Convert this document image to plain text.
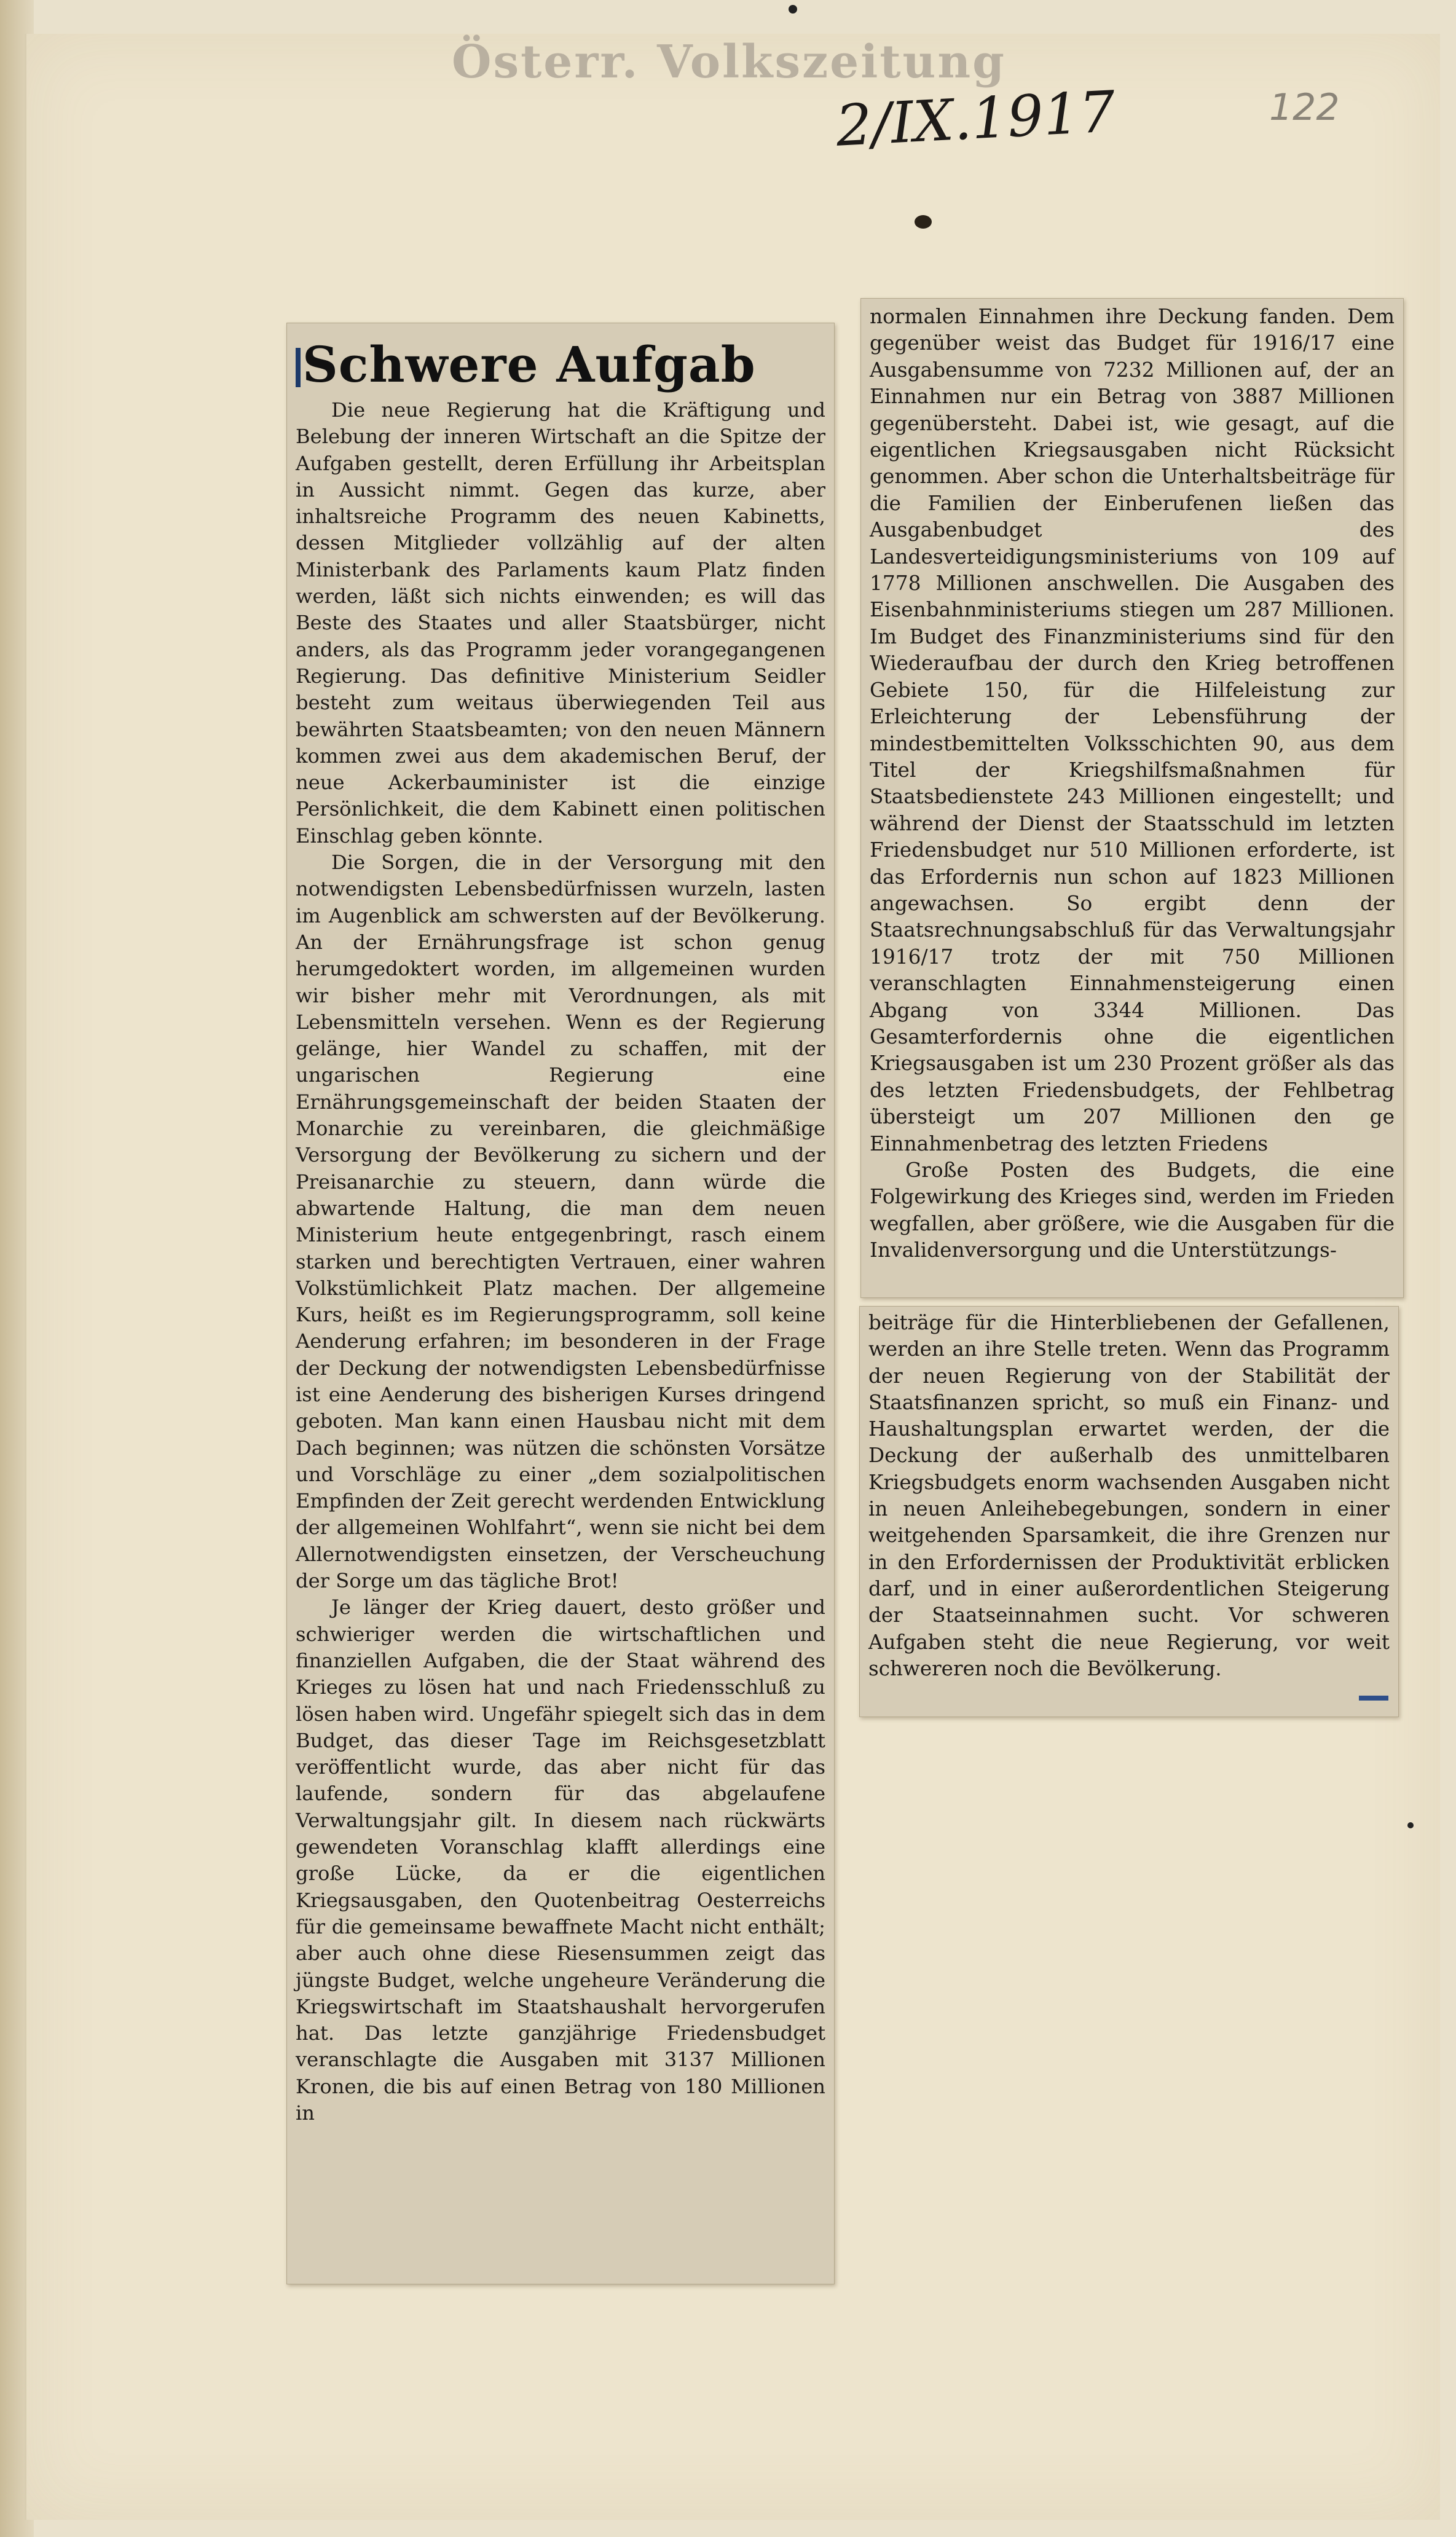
Österr. Volkszeitung
2/IX.1917	122
Schwere Aufgab

Die neue Regierung hat die Kräftigung und Belebung der inneren Wirtschaft an die Spitze der Aufgaben gestellt, deren Erfüllung ihr Arbeitsplan in Aussicht nimmt. Gegen das kurze, aber inhaltsreiche Programm des neuen Kabinetts, dessen Mitglieder vollzählig auf der alten Ministerbank des Parlaments kaum Platz finden werden, läßt sich nichts einwenden; es will das Beste des Staates und aller Staatsbürger, nicht anders, als das Programm jeder vorangegangenen Regierung. Das definitive Ministerium Seidler besteht zum weitaus überwiegenden Teil aus bewährten Staatsbeamten; von den neuen Männern kommen zwei aus dem akademischen Beruf, der neue Ackerbauminister ist die einzige Persönlichkeit, die dem Kabinett einen politischen Einschlag geben könnte.

Die Sorgen, die in der Versorgung mit den notwendigsten Lebensbedürfnissen wurzeln, lasten im Augenblick am schwersten auf der Bevölkerung. An der Ernährungsfrage ist schon genug herumgedoktert worden, im allgemeinen wurden wir bisher mehr mit Verordnungen, als mit Lebensmitteln versehen. Wenn es der Regierung gelänge, hier Wandel zu schaffen, mit der ungarischen Regierung eine Ernährungsgemeinschaft der beiden Staaten der Monarchie zu vereinbaren, die gleichmäßige Versorgung der Bevölkerung zu sichern und der Preisanarchie zu steuern, dann würde die abwartende Haltung, die man dem neuen Ministerium heute entgegenbringt, rasch einem starken und berechtigten Vertrauen, einer wahren Volkstümlichkeit Platz machen. Der allgemeine Kurs, heißt es im Regierungsprogramm, soll keine Aenderung erfahren; im besonderen in der Frage der Deckung der notwendigsten Lebensbedürfnisse ist eine Aenderung des bisherigen Kurses dringend geboten. Man kann einen Hausbau nicht mit dem Dach beginnen; was nützen die schönsten Vorsätze und Vorschläge zu einer „dem sozialpolitischen Empfinden der Zeit gerecht werdenden Entwicklung der allgemeinen Wohlfahrt“, wenn sie nicht bei dem Allernotwendigsten einsetzen, der Verscheuchung der Sorge um das tägliche Brot!

Je länger der Krieg dauert, desto größer und schwieriger werden die wirtschaftlichen und finanziellen Aufgaben, die der Staat während des Krieges zu lösen hat und nach Friedensschluß zu lösen haben wird. Ungefähr spiegelt sich das in dem Budget, das dieser Tage im Reichsgesetzblatt veröffentlicht wurde, das aber nicht für das laufende, sondern für das abgelaufene Verwaltungsjahr gilt. In diesem nach rückwärts gewendeten Voranschlag klafft allerdings eine große Lücke, da er die eigentlichen Kriegsausgaben, den Quotenbeitrag Oesterreichs für die gemeinsame bewaffnete Macht nicht enthält; aber auch ohne diese Riesensummen zeigt das jüngste Budget, welche ungeheure Veränderung die Kriegswirtschaft im Staatshaushalt hervorgerufen hat. Das letzte ganzjährige Friedensbudget veranschlagte die Ausgaben mit 3137 Millionen Kronen, die bis auf einen Betrag von 180 Millionen in

normalen Einnahmen ihre Deckung fanden. Dem gegenüber weist das Budget für 1916/17 eine Ausgabensumme von 7232 Millionen auf, der an Einnahmen nur ein Betrag von 3887 Millionen gegenübersteht. Dabei ist, wie gesagt, auf die eigentlichen Kriegsausgaben nicht Rücksicht genommen. Aber schon die Unterhaltsbeiträge für die Familien der Einberufenen ließen das Ausgabenbudget des Landesverteidigungsministeriums von 109 auf 1778 Millionen anschwellen. Die Ausgaben des Eisenbahnministeriums stiegen um 287 Millionen. Im Budget des Finanzministeriums sind für den Wiederaufbau der durch den Krieg betroffenen Gebiete 150, für die Hilfeleistung zur Erleichterung der Lebensführung der mindestbemittelten Volksschichten 90, aus dem Titel der Kriegshilfsmaßnahmen für Staatsbedienstete 243 Millionen eingestellt; und während der Dienst der Staatsschuld im letzten Friedensbudget nur 510 Millionen erforderte, ist das Erfordernis nun schon auf 1823 Millionen angewachsen. So ergibt denn der Staatsrechnungsabschluß für das Verwaltungsjahr 1916/17 trotz der mit 750 Millionen veranschlagten Einnahmensteigerung einen Abgang von 3344 Millionen. Das Gesamterfordernis ohne die eigentlichen Kriegsausgaben ist um 230 Prozent größer als das des letzten Friedensbudgets, der Fehlbetrag übersteigt um 207 Millionen den ge Einnahmenbetrag des letzten Friedens

Große Posten des Budgets, die eine Folgewirkung des Krieges sind, werden im Frieden wegfallen, aber größere, wie die Ausgaben für die Invalidenversorgung und die Unterstützungs-

beiträge für die Hinterbliebenen der Gefallenen, werden an ihre Stelle treten. Wenn das Programm der neuen Regierung von der Stabilität der Staatsfinanzen spricht, so muß ein Finanz- und Haushaltungsplan erwartet werden, der die Deckung der außerhalb des unmittelbaren Kriegsbudgets enorm wachsenden Ausgaben nicht in neuen Anleihebegebungen, sondern in einer weitgehenden Sparsamkeit, die ihre Grenzen nur in den Erfordernissen der Produktivität erblicken darf, und in einer außerordentlichen Steigerung der Staatseinnahmen sucht. Vor schweren Aufgaben steht die neue Regierung, vor weit schwereren noch die Bevölkerung.
